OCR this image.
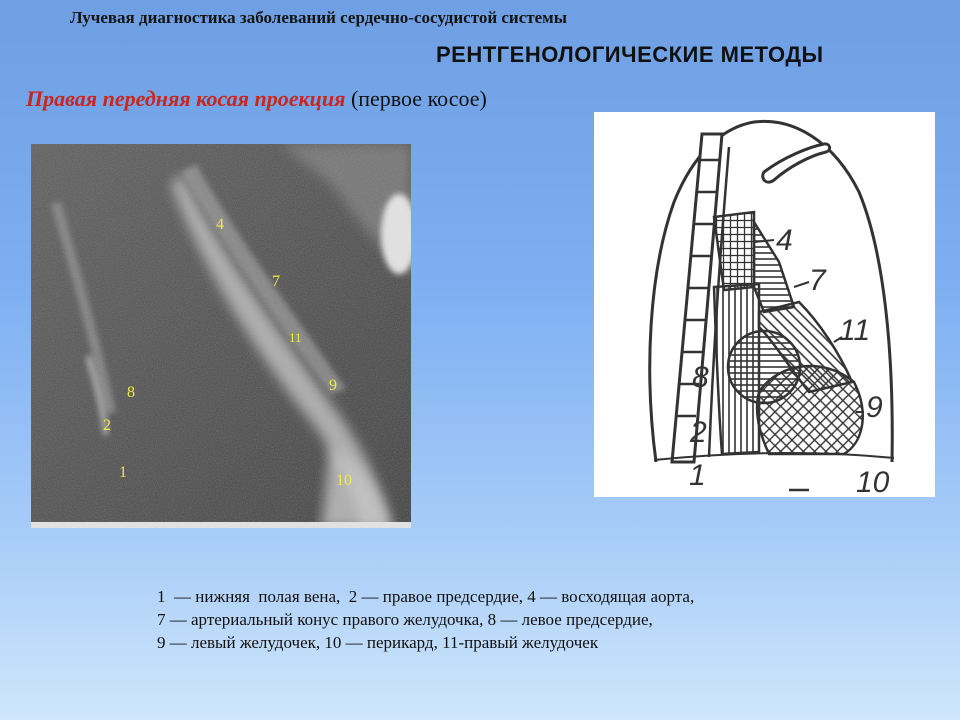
Лучевая диагностика заболеваний сердечно-сосудистой системы
РЕНТГЕНОЛОГИЧЕСКИЕ МЕТОДЫ
Правая передняя косая проекция (первое косое)
4
7
11
8	9
2
1	10
4
7
11
8
9
2
1	10
1  — нижняя  полая вена,  2 — правое предсердие, 4 — восходящая аорта,
7 — артериальный конус правого желудочка, 8 — левое предсердие,
9 — левый желудочек, 10 — перикард, 11-правый желудочек
